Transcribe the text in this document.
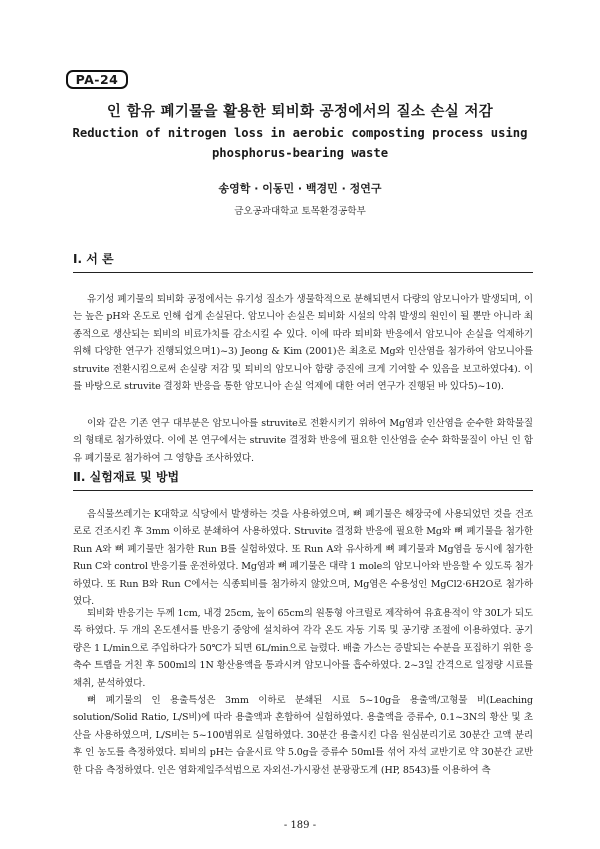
PA-24
인 함유 폐기물을 활용한 퇴비화 공정에서의 질소 손실 저감
Reduction of nitrogen loss in aerobic composting process using
phosphorus-bearing waste
송영학 · 이동민 · 백경민 · 정연구
금오공과대학교 토목환경공학부
Ⅰ. 서 론

유기성 폐기물의 퇴비화 공정에서는 유기성 질소가 생물학적으로 분해되면서 다량의 암모니아가 발생되며, 이는 높은 pH와 온도로 인해 쉽게 손실된다. 암모니아 손실은 퇴비화 시설의 악취 발생의 원인이 될 뿐만 아니라 최종적으로 생산되는 퇴비의 비료가치를 감소시킬 수 있다. 이에 따라 퇴비화 반응에서 암모니아 손실을 억제하기 위해 다양한 연구가 진행되었으며1)~3) Jeong & Kim (2001)은 최초로 Mg와 인산염을 첨가하여 암모니아를 struvite 전환시킴으로써 손실량 저감 및 퇴비의 암모니아 함량 증진에 크게 기여할 수 있음을 보고하였다4). 이를 바탕으로 struvite 결정화 반응을 통한 암모니아 손실 억제에 대한 여러 연구가 진행된 바 있다5)~10).

이와 같은 기존 연구 대부분은 암모니아를 struvite로 전환시키기 위하여 Mg염과 인산염을 순수한 화학물질의 형태로 첨가하였다. 이에 본 연구에서는 struvite 결정화 반응에 필요한 인산염을 순수 화학물질이 아닌 인 함유 폐기물로 첨가하여 그 영향을 조사하였다.

Ⅱ. 실험재료 및 방법

음식물쓰레기는 K대학교 식당에서 발생하는 것을 사용하였으며, 뼈 폐기물은 해장국에 사용되었던 것을 건조로로 건조시킨 후 3mm 이하로 분쇄하여 사용하였다. Struvite 결정화 반응에 필요한 Mg와 뼈 폐기물을 첨가한 Run A와 뼈 폐기물만 첨가한 Run B를 실험하였다. 또 Run A와 유사하게 뼈 폐기물과 Mg염을 동시에 첨가한 Run C와 control 반응기를 운전하였다. Mg염과 뼈 폐기물은 대략 1 mole의 암모니아와 반응할 수 있도록 첨가하였다. 또 Run B와 Run C에서는 식종퇴비를 첨가하지 않았으며, Mg염은 수용성인 MgCl2·6H2O로 첨가하였다.

퇴비화 반응기는 두께 1cm, 내경 25cm, 높이 65cm의 원통형 아크릴로 제작하여 유효용적이 약 30L가 되도록 하였다. 두 개의 온도센서를 반응기 중앙에 설치하여 각각 온도 자동 기록 및 공기량 조절에 이용하였다. 공기량은 1 L/min으로 주입하다가 50℃가 되면 6L/min으로 늘렸다. 배출 가스는 증발되는 수분을 포집하기 위한 응축수 트랩을 거친 후 500ml의 1N 황산용액을 통과시켜 암모니아를 흡수하였다. 2~3일 간격으로 일정량 시료를 채취, 분석하였다.

뼈 폐기물의 인 용출특성은 3mm 이하로 분쇄된 시료 5~10g을 용출액/고형물 비(Leaching solution/Solid Ratio, L/S비)에 따라 용출액과 혼합하여 실험하였다. 용출액을 증류수, 0.1~3N의 황산 및 초산을 사용하였으며, L/S비는 5~100범위로 실험하였다. 30분간 용출시킨 다음 원심분리기로 30분간 고액 분리 후 인 농도를 측정하였다. 퇴비의 pH는 습윤시료 약 5.0g을 증류수 50ml를 섞어 자석 교반기로 약 30분간 교반한 다음 측정하였다. 인은 염화제일주석법으로 자외선-가시광선 분광광도계 (HP, 8543)를 이용하여 측

- 189 -
